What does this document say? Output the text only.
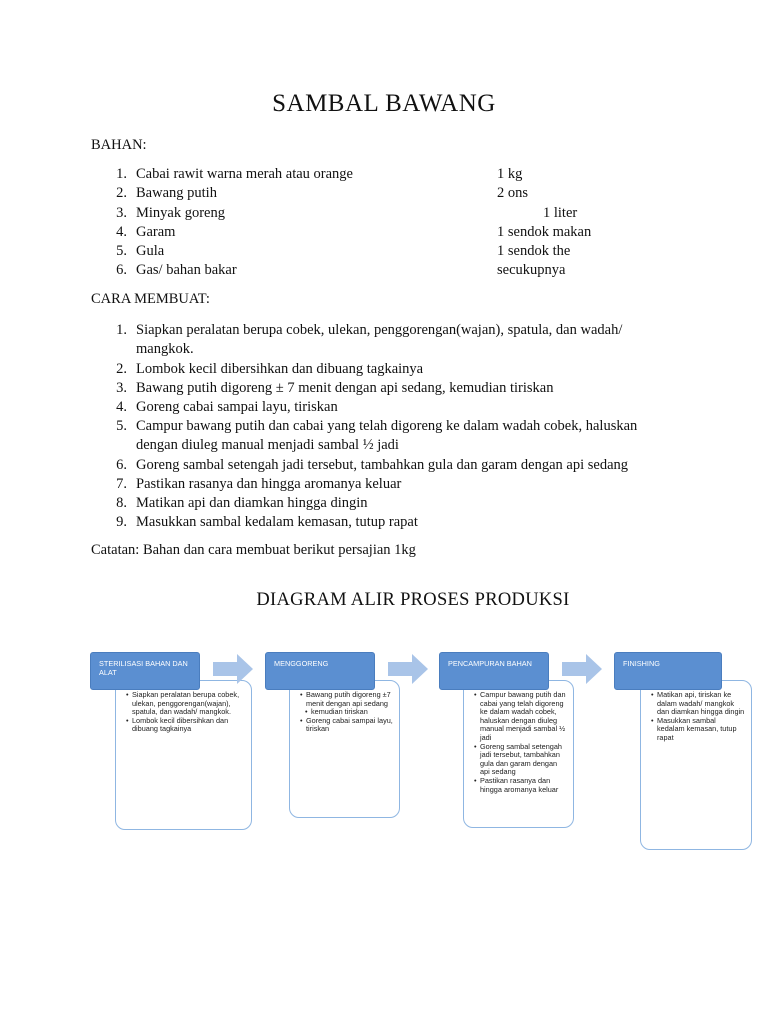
SAMBAL BAWANG
BAHAN:
1. Cabai rawit warna merah atau orange	1 kg
2. Bawang putih	2 ons
3. Minyak goreng	1 liter
4. Garam	1 sendok makan
5. Gula	1 sendok the
6. Gas/ bahan bakar	secukupnya
CARA MEMBUAT:
1. Siapkan peralatan berupa cobek, ulekan, penggorengan(wajan), spatula, dan wadah/ mangkok.
2. Lombok kecil dibersihkan dan dibuang tagkainya
3. Bawang putih digoreng ± 7 menit dengan api sedang, kemudian tiriskan
4. Goreng cabai sampai layu, tiriskan
5. Campur bawang putih dan cabai yang telah digoreng ke dalam wadah cobek, haluskan dengan diuleg manual menjadi sambal ½ jadi
6. Goreng sambal setengah jadi tersebut, tambahkan gula dan garam dengan api sedang
7. Pastikan rasanya dan hingga aromanya keluar
8. Matikan api dan diamkan hingga dingin
9. Masukkan sambal kedalam kemasan, tutup rapat
Catatan: Bahan dan cara membuat berikut persajian 1kg
DIAGRAM ALIR PROSES PRODUKSI
• Siapkan peralatan berupa cobek, ulekan, penggorengan(wajan), spatula, dan wadah/ mangkok.
• Lombok kecil dibersihkan dan dibuang tagkainya
STERILISASI BAHAN DAN ALAT
• Bawang putih digoreng ±7 menit dengan api sedang
• kemudian tiriskan
• Goreng cabai sampai layu, tiriskan
MENGGORENG
• Campur bawang putih dan cabai yang telah digoreng ke dalam wadah cobek, haluskan dengan diuleg manual menjadi sambal ½ jadi
• Goreng sambal setengah jadi tersebut, tambahkan gula dan garam dengan api sedang
• Pastikan rasanya dan hingga aromanya keluar
PENCAMPURAN BAHAN
• Matikan api, tiriskan ke dalam wadah/ mangkok dan diamkan hingga dingin
• Masukkan sambal kedalam kemasan, tutup rapat
FINISHING
